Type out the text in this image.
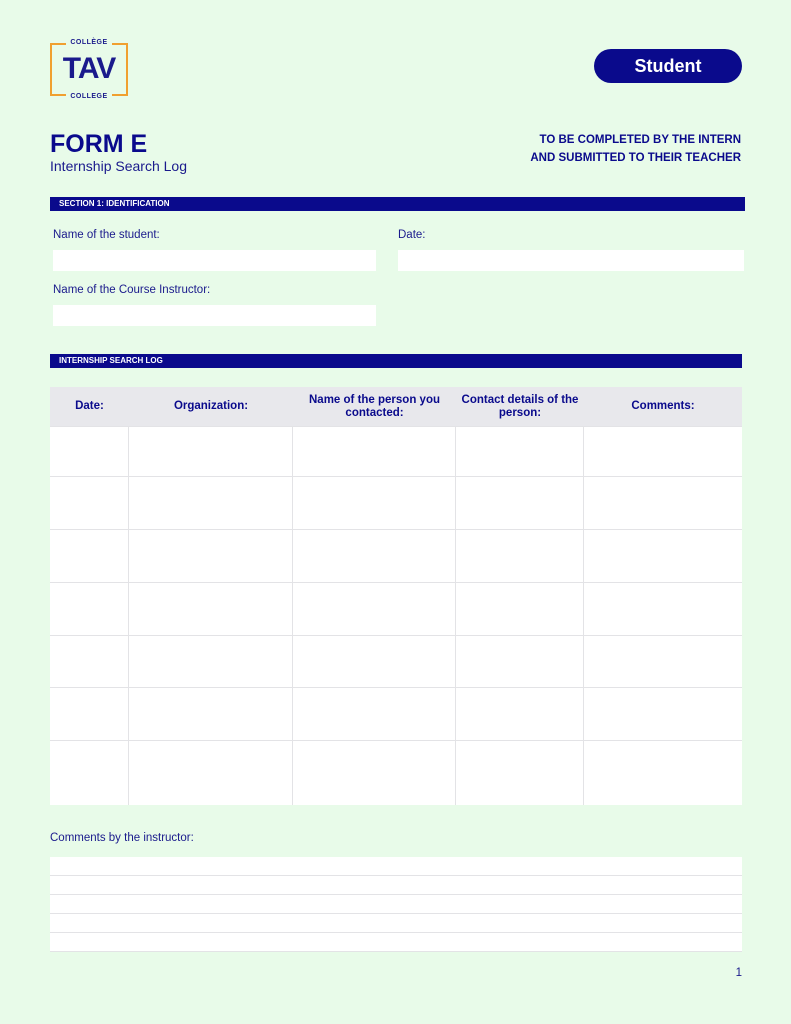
COLLÈGE
TAV
COLLEGE
Student
FORM E
Internship Search Log
TO BE COMPLETED BY THE INTERN
AND SUBMITTED TO THEIR TEACHER
SECTION 1: IDENTIFICATION
Name of the student:	Date:
Name of the Course Instructor:
INTERNSHIP SEARCH LOG
Date:	Organization:
Name of the person you contacted:
Contact details of the person:
Comments:
Comments by the instructor:
1
